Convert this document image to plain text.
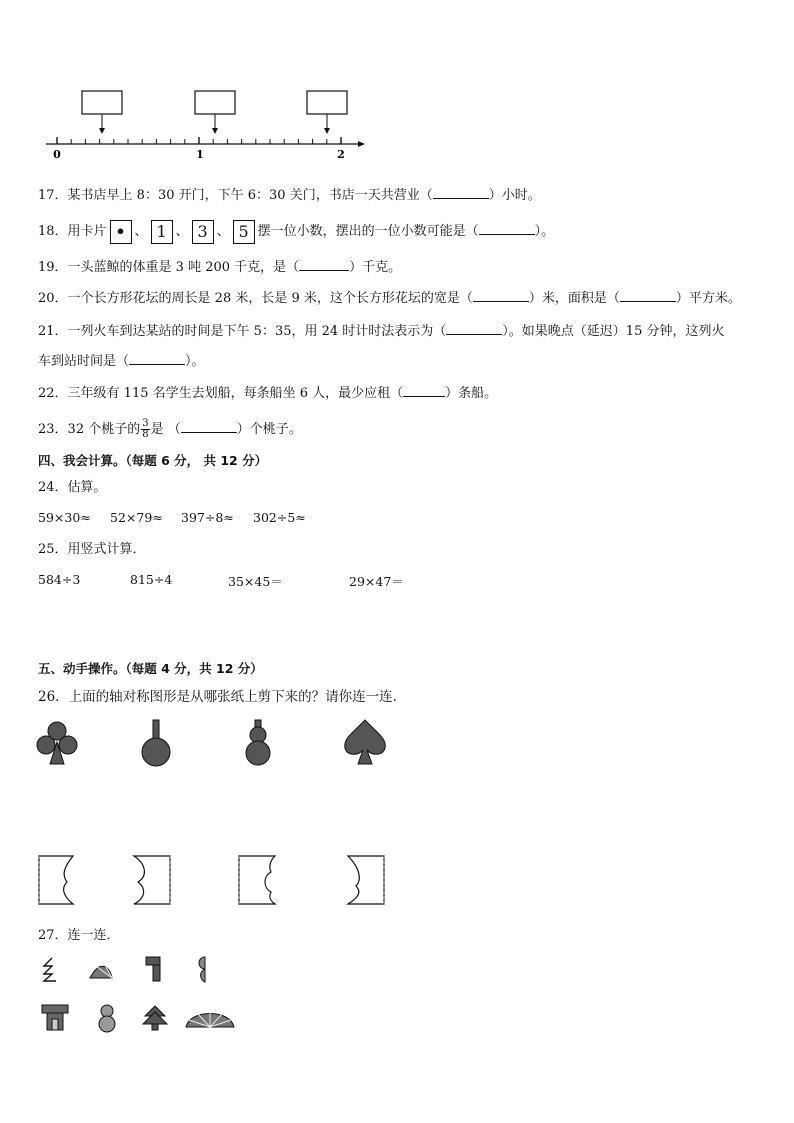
0	1	2
17．某书店早上 8：30 开门，下午 6：30 关门，书店一天共营业（	）小时。
18．用卡片 • 、 1 、 3 、 5 摆一位小数，摆出的一位小数可能是（	）。
19．一头蓝鲸的体重是 3 吨 200 千克，是（	）千克。
20．一个长方形花坛的周长是 28 米，长是 9 米，这个长方形花坛的宽是（	）米，面积是（	）平方米。
21．一列火车到达某站的时间是下午 5：35，用 24 时计时法表示为（	）。如果晚点（延迟）15 分钟，这列火
车到站时间是（	）。
22．三年级有 115 名学生去划船，每条船坐 6 人，最少应租（	）条船。
23．32 个桃子的 $\frac{3}{8}$ 是 （	）个桃子。
四、我会计算。（每题 6 分， 共 12 分）
24．估算。
59×30≈ 52×79≈ 397÷8≈ 302÷5≈
25．用竖式计算．
584÷3	815÷4	35×45＝	29×47＝
五、动手操作。（每题 4 分，共 12 分）
26．上面的轴对称图形是从哪张纸上剪下来的？请你连一连.
27．连一连．
